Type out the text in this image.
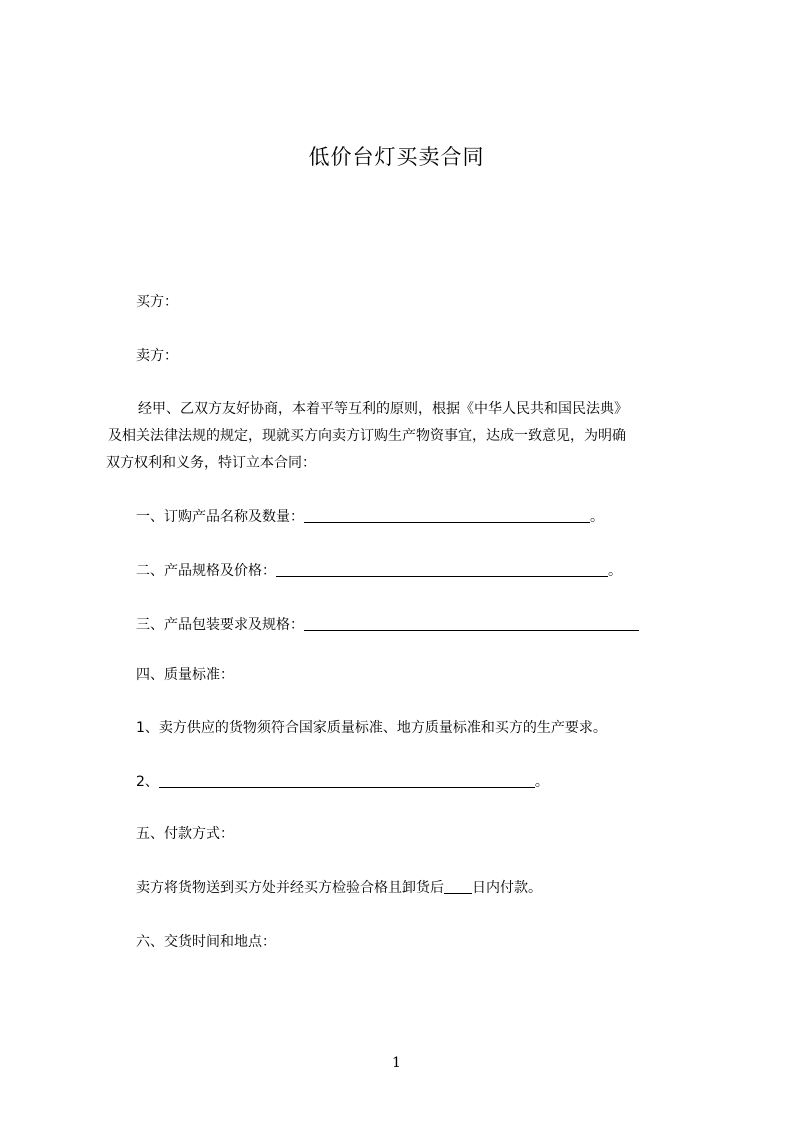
低价台灯买卖合同
买方：
卖方：
经甲、乙双方友好协商，本着平等互利的原则，根据《中华人民共和国民法典》
及相关法律法规的规定，现就买方向卖方订购生产物资事宜，达成一致意见，为明确
双方权利和义务，特订立本合同：
一、订购产品名称及数量：	。
二、产品规格及价格：	。
三、产品包装要求及规格：
四、质量标准：
1、卖方供应的货物须符合国家质量标准、地方质量标准和买方的生产要求。
2、	。
五、付款方式：
卖方将货物送到买方处并经买方检验合格且卸货后 日内付款。
六、交货时间和地点：
1
